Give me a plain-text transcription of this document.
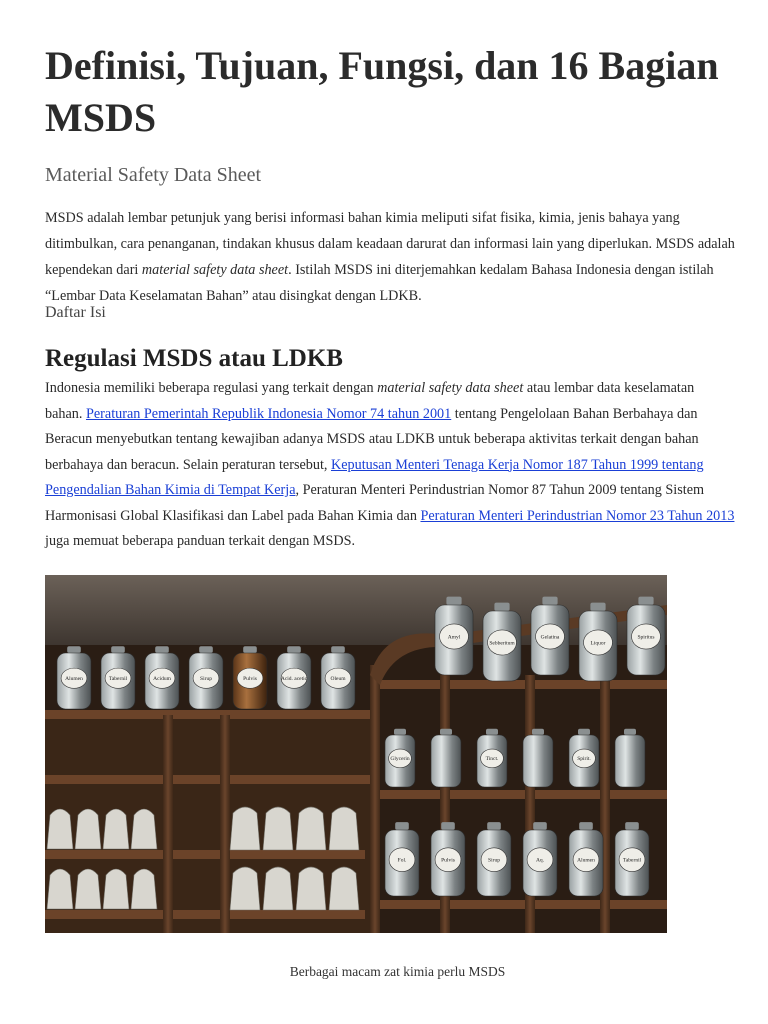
Definisi, Tujuan, Fungsi, dan 16 Bagian MSDS
Material Safety Data Sheet

MSDS adalah lembar petunjuk yang berisi informasi bahan kimia meliputi sifat fisika, kimia, jenis bahaya yang ditimbulkan, cara penanganan, tindakan khusus dalam keadaan darurat dan informasi lain yang diperlukan. MSDS adalah kependekan dari material safety data sheet. Istilah MSDS ini diterjemahkan kedalam Bahasa Indonesia dengan istilah “Lembar Data Keselamatan Bahan” atau disingkat dengan LDKB.

Daftar Isi
Regulasi MSDS atau LDKB

Indonesia memiliki beberapa regulasi yang terkait dengan material safety data sheet atau lembar data keselamatan bahan. Peraturan Pemerintah Republik Indonesia Nomor 74 tahun 2001 tentang Pengelolaan Bahan Berbahaya dan Beracun menyebutkan tentang kewajiban adanya MSDS atau LDKB untuk beberapa aktivitas terkait dengan bahan berbahaya dan beracun. Selain peraturan tersebut, Keputusan Menteri Tenaga Kerja Nomor 187 Tahun 1999 tentang Pengendalian Bahan Kimia di Tempat Kerja, Peraturan Menteri Perindustrian Nomor 87 Tahun 2009 tentang Sistem Harmonisasi Global Klasifikasi dan Label pada Bahan Kimia dan Peraturan Menteri Perindustrian Nomor 23 Tahun 2013 juga memuat beberapa panduan terkait dengan MSDS.

Alumen	Tabernil	Acidum	Sirup	Pulvis	Acid. acetic	Oleum
Amyl
Sebberitum
Gelatina
Liquor
Spiritus
Glycerin	Tinct.	Spirit.
Fol.	Pulvis	Sirup	Aq.	Alumen	Tabernil

Berbagai macam zat kimia perlu MSDS
